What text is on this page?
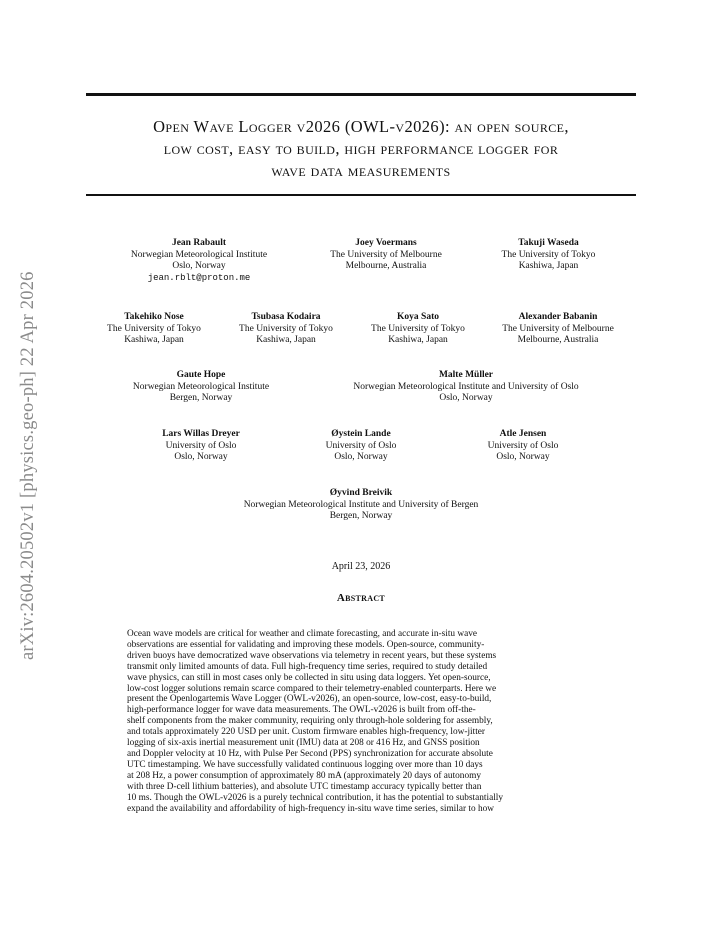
arXiv:2604.20502v1 [physics.geo-ph] 22 Apr 2026
Open Wave Logger v2026 (OWL-v2026): an open source,
low cost, easy to build, high performance logger for
wave data measurements
Jean Rabault
Norwegian Meteorological Institute
Oslo, Norway
jean.rblt@proton.me
Joey Voermans
The University of Melbourne
Melbourne, Australia
Takuji Waseda
The University of Tokyo
Kashiwa, Japan
Takehiko Nose
The University of Tokyo
Kashiwa, Japan
Tsubasa Kodaira
The University of Tokyo
Kashiwa, Japan
Koya Sato
The University of Tokyo
Kashiwa, Japan
Alexander Babanin
The University of Melbourne
Melbourne, Australia
Gaute Hope
Norwegian Meteorological Institute
Bergen, Norway
Malte Müller
Norwegian Meteorological Institute and University of Oslo
Oslo, Norway
Lars Willas Dreyer
University of Oslo
Oslo, Norway
Øystein Lande
University of Oslo
Oslo, Norway
Atle Jensen
University of Oslo
Oslo, Norway
Øyvind Breivik
Norwegian Meteorological Institute and University of Bergen
Bergen, Norway
April 23, 2026
Abstract
Ocean wave models are critical for weather and climate forecasting, and accurate in-situ wave
observations are essential for validating and improving these models. Open-source, community-
driven buoys have democratized wave observations via telemetry in recent years, but these systems
transmit only limited amounts of data. Full high-frequency time series, required to study detailed
wave physics, can still in most cases only be collected in situ using data loggers. Yet open-source,
low-cost logger solutions remain scarce compared to their telemetry-enabled counterparts. Here we
present the Openlogartemis Wave Logger (OWL-v2026), an open-source, low-cost, easy-to-build,
high-performance logger for wave data measurements. The OWL-v2026 is built from off-the-
shelf components from the maker community, requiring only through-hole soldering for assembly,
and totals approximately 220 USD per unit. Custom firmware enables high-frequency, low-jitter
logging of six-axis inertial measurement unit (IMU) data at 208 or 416 Hz, and GNSS position
and Doppler velocity at 10 Hz, with Pulse Per Second (PPS) synchronization for accurate absolute
UTC timestamping. We have successfully validated continuous logging over more than 10 days
at 208 Hz, a power consumption of approximately 80 mA (approximately 20 days of autonomy
with three D-cell lithium batteries), and absolute UTC timestamp accuracy typically better than
10 ms. Though the OWL-v2026 is a purely technical contribution, it has the potential to substantially
expand the availability and affordability of high-frequency in-situ wave time series, similar to how
